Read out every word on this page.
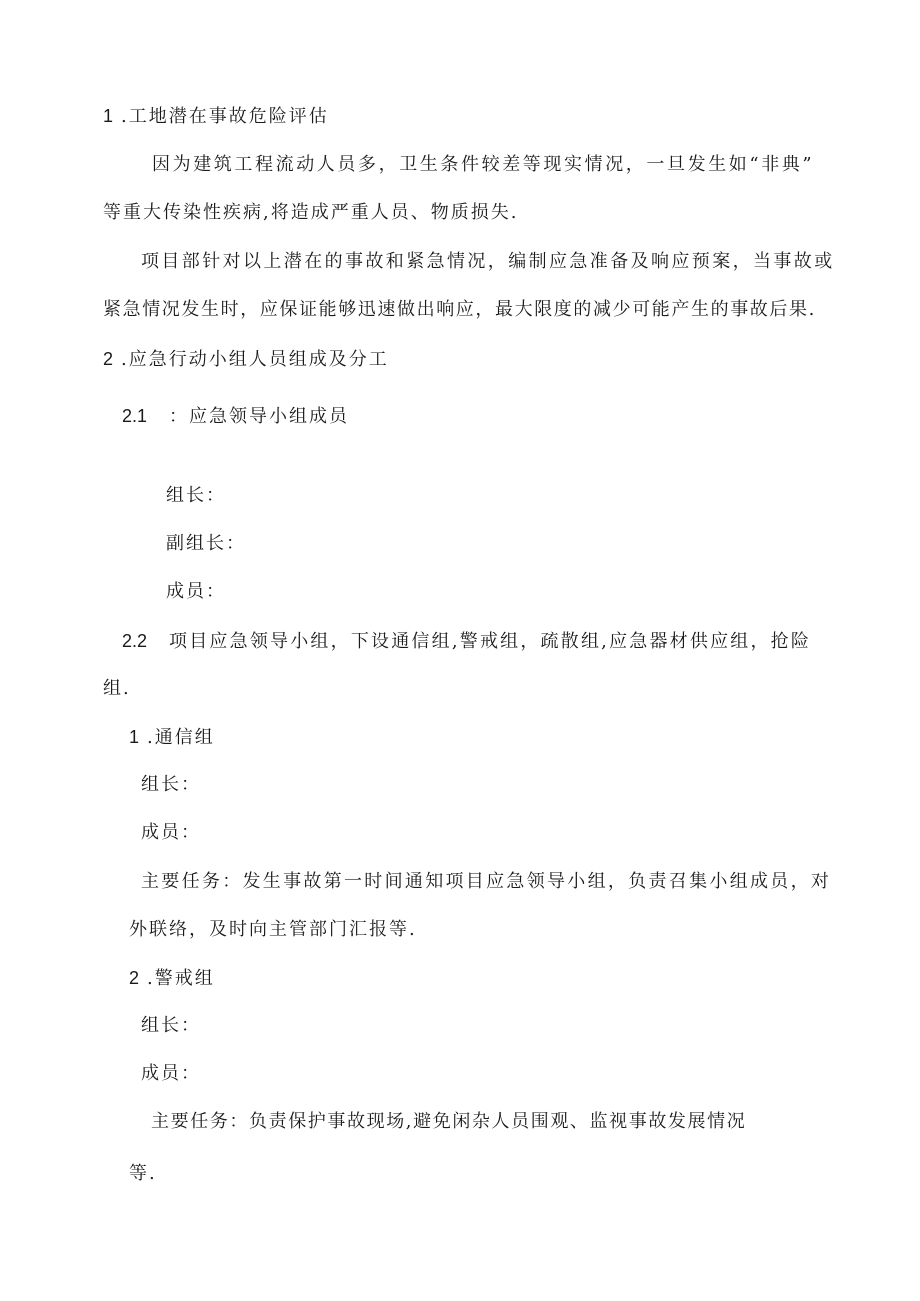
1 .工地潜在事故危险评估
因为建筑工程流动人员多，卫生条件较差等现实情况，一旦发生如“非典”
等重大传染性疾病,将造成严重人员、物质损失.
项目部针对以上潜在的事故和紧急情况，编制应急准备及响应预案，当事故或
紧急情况发生时，应保证能够迅速做出响应，最大限度的减少可能产生的事故后果.
2 .应急行动小组人员组成及分工
2.1 ：应急领导小组成员
组长：
副组长：
成员：
2.2 项目应急领导小组，下设通信组,警戒组，疏散组,应急器材供应组，抢险
组.
1 .通信组
组长：
成员：
主要任务：发生事故第一时间通知项目应急领导小组，负责召集小组成员，对
外联络，及时向主管部门汇报等.
2 .警戒组
组长：
成员：
主要任务：负责保护事故现场,避免闲杂人员围观、监视事故发展情况
等.
